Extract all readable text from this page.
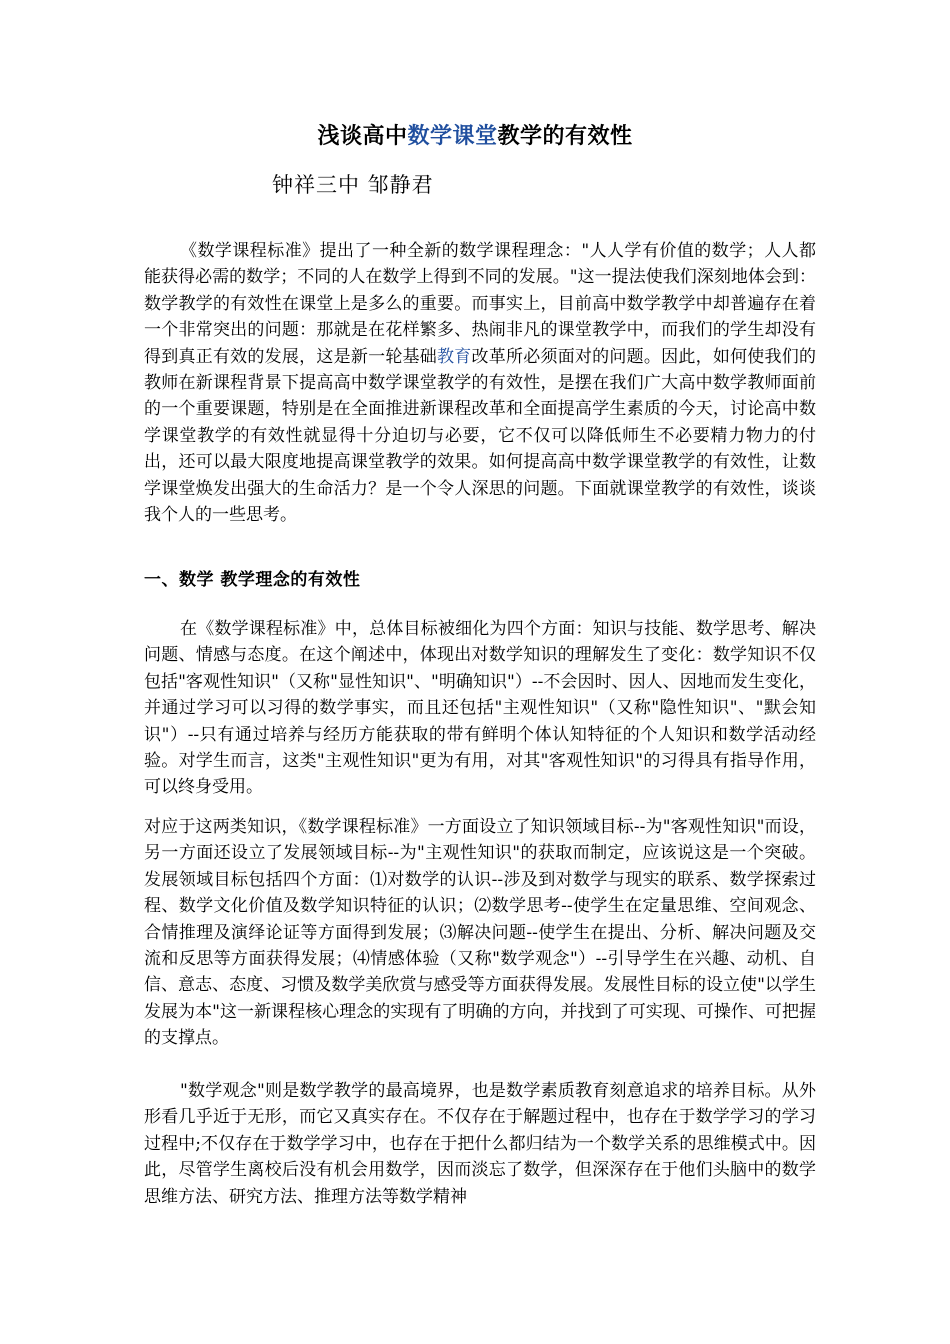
浅谈高中数学课堂教学的有效性
钟祥三中 邹静君
《数学课程标准》提出了一种全新的数学课程理念："人人学有价值的数学；人人都能获得必需的数学；不同的人在数学上得到不同的发展。"这一提法使我们深刻地体会到：数学教学的有效性在课堂上是多么的重要。而事实上，目前高中数学教学中却普遍存在着一个非常突出的问题：那就是在花样繁多、热闹非凡的课堂教学中，而我们的学生却没有得到真正有效的发展，这是新一轮基础教育改革所必须面对的问题。因此，如何使我们的教师在新课程背景下提高高中数学课堂教学的有效性，是摆在我们广大高中数学教师面前的一个重要课题，特别是在全面推进新课程改革和全面提高学生素质的今天，讨论高中数学课堂教学的有效性就显得十分迫切与必要，它不仅可以降低师生不必要精力物力的付出，还可以最大限度地提高课堂教学的效果。如何提高高中数学课堂教学的有效性，让数学课堂焕发出强大的生命活力？是一个令人深思的问题。下面就课堂教学的有效性，谈谈我个人的一些思考。
一、数学 教学理念的有效性
在《数学课程标准》中，总体目标被细化为四个方面：知识与技能、数学思考、解决问题、情感与态度。在这个阐述中，体现出对数学知识的理解发生了变化：数学知识不仅包括"客观性知识"（又称"显性知识"、"明确知识"）--不会因时、因人、因地而发生变化，并通过学习可以习得的数学事实，而且还包括"主观性知识"（又称"隐性知识"、"默会知识"）--只有通过培养与经历方能获取的带有鲜明个体认知特征的个人知识和数学活动经验。对学生而言，这类"主观性知识"更为有用，对其"客观性知识"的习得具有指导作用，可以终身受用。
对应于这两类知识，《数学课程标准》一方面设立了知识领域目标--为"客观性知识"而设，另一方面还设立了发展领域目标--为"主观性知识"的获取而制定，应该说这是一个突破。发展领域目标包括四个方面：⑴对数学的认识--涉及到对数学与现实的联系、数学探索过程、数学文化价值及数学知识特征的认识；⑵数学思考--使学生在定量思维、空间观念、合情推理及演绎论证等方面得到发展；⑶解决问题--使学生在提出、分析、解决问题及交流和反思等方面获得发展；⑷情感体验（又称"数学观念"）--引导学生在兴趣、动机、自信、意志、态度、习惯及数学美欣赏与感受等方面获得发展。发展性目标的设立使"以学生发展为本"这一新课程核心理念的实现有了明确的方向，并找到了可实现、可操作、可把握的支撑点。
"数学观念"则是数学教学的最高境界，也是数学素质教育刻意追求的培养目标。从外形看几乎近于无形，而它又真实存在。不仅存在于解题过程中，也存在于数学学习的学习过程中;不仅存在于数学学习中，也存在于把什么都归结为一个数学关系的思维模式中。因此，尽管学生离校后没有机会用数学，因而淡忘了数学，但深深存在于他们头脑中的数学思维方法、研究方法、推理方法等数学精神
